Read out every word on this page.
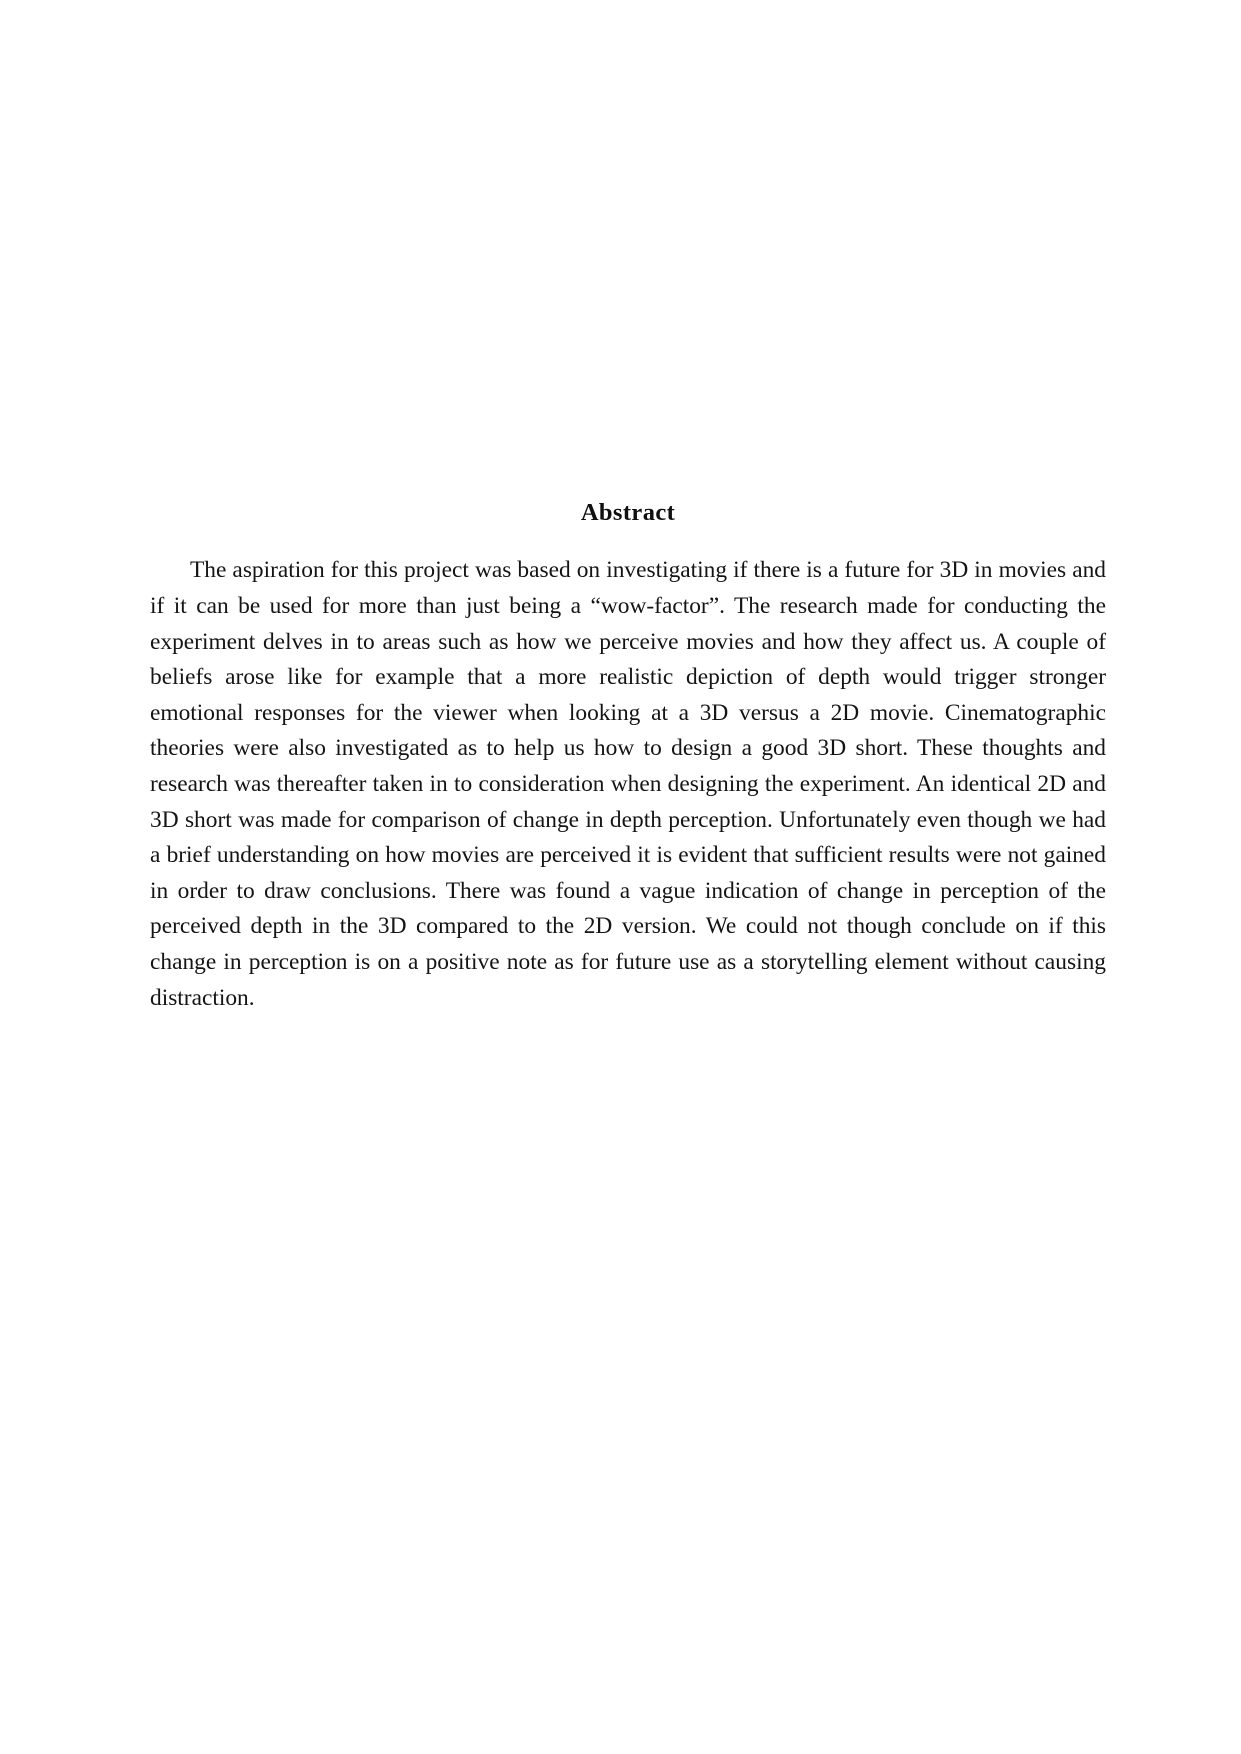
Abstract

The aspiration for this project was based on investigating if there is a future for 3D in movies and if it can be used for more than just being a “wow-factor”. The research made for conducting the experiment delves in to areas such as how we perceive movies and how they affect us. A couple of beliefs arose like for example that a more realistic depiction of depth would trigger stronger emotional responses for the viewer when looking at a 3D versus a 2D movie. Cinematographic theories were also investigated as to help us how to design a good 3D short. These thoughts and research was thereafter taken in to consideration when designing the experiment. An identical 2D and 3D short was made for comparison of change in depth perception. Unfortunately even though we had a brief understanding on how movies are perceived it is evident that sufficient results were not gained in order to draw conclusions. There was found a vague indication of change in perception of the perceived depth in the 3D compared to the 2D version. We could not though conclude on if this change in perception is on a positive note as for future use as a storytelling element without causing distraction.
